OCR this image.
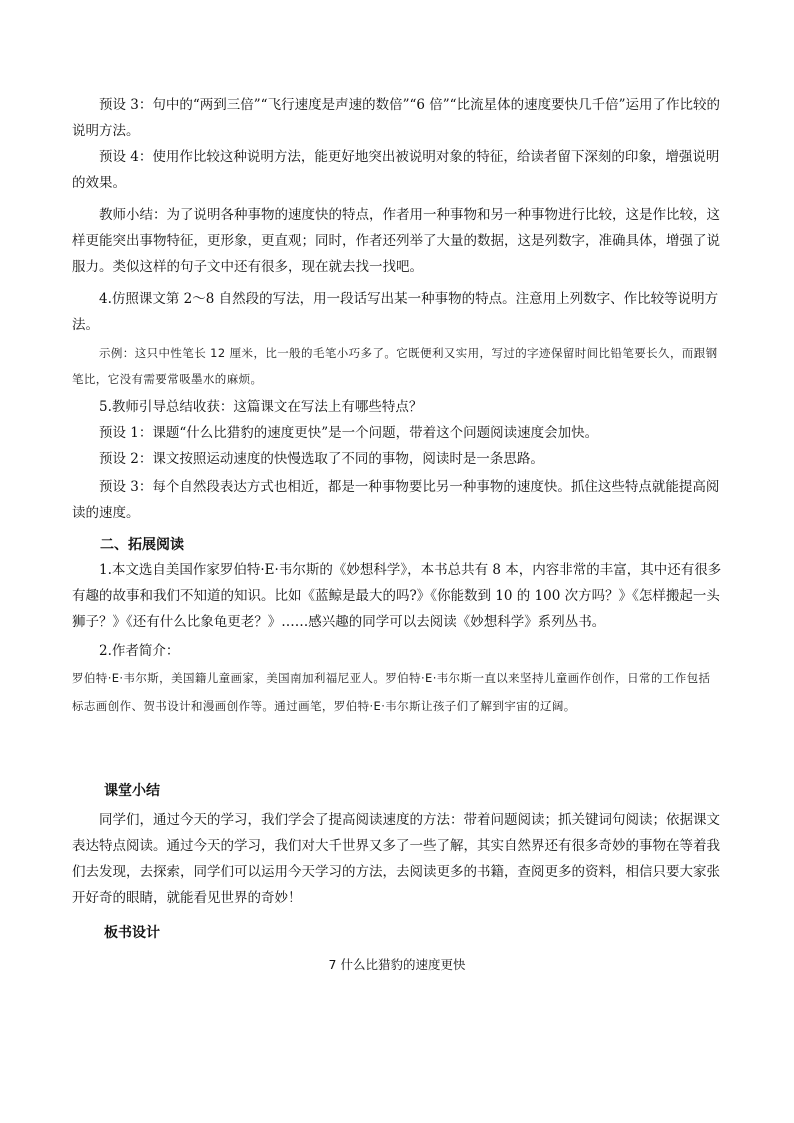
预设 3：句中的“两到三倍”“飞行速度是声速的数倍”“6 倍”“比流星体的速度要快几千倍”运用了作比较的说明方法。

预设 4：使用作比较这种说明方法，能更好地突出被说明对象的特征，给读者留下深刻的印象，增强说明的效果。

教师小结：为了说明各种事物的速度快的特点，作者用一种事物和另一种事物进行比较，这是作比较，这样更能突出事物特征，更形象，更直观；同时，作者还列举了大量的数据，这是列数字，准确具体，增强了说服力。类似这样的句子文中还有很多，现在就去找一找吧。

4.仿照课文第 2～8 自然段的写法，用一段话写出某一种事物的特点。注意用上列数字、作比较等说明方法。

示例：这只中性笔长 12 厘米，比一般的毛笔小巧多了。它既便利又实用，写过的字迹保留时间比铅笔要长久，而跟钢笔比，它没有需要常吸墨水的麻烦。

5.教师引导总结收获：这篇课文在写法上有哪些特点？

预设 1：课题“什么比猎豹的速度更快”是一个问题，带着这个问题阅读速度会加快。

预设 2：课文按照运动速度的快慢选取了不同的事物，阅读时是一条思路。

预设 3：每个自然段表达方式也相近，都是一种事物要比另一种事物的速度快。抓住这些特点就能提高阅读的速度。

二、拓展阅读

1.本文选自美国作家罗伯特·E·韦尔斯的《妙想科学》，本书总共有 8 本，内容非常的丰富，其中还有很多有趣的故事和我们不知道的知识。比如《蓝鲸是最大的吗?》《你能数到 10 的 100 次方吗？》《怎样搬起一头狮子？》《还有什么比象龟更老？》……感兴趣的同学可以去阅读《妙想科学》系列丛书。

2.作者简介：

罗伯特·E·韦尔斯，美国籍儿童画家，美国南加利福尼亚人。罗伯特·E·韦尔斯一直以来坚持儿童画作创作，日常的工作包括标志画创作、贺书设计和漫画创作等。通过画笔，罗伯特·E·韦尔斯让孩子们了解到宇宙的辽阔。

课堂小结

同学们，通过今天的学习，我们学会了提高阅读速度的方法：带着问题阅读；抓关键词句阅读；依据课文表达特点阅读。通过今天的学习，我们对大千世界又多了一些了解，其实自然界还有很多奇妙的事物在等着我们去发现，去探索，同学们可以运用今天学习的方法，去阅读更多的书籍，查阅更多的资料，相信只要大家张开好奇的眼睛，就能看见世界的奇妙！

板书设计

7 什么比猎豹的速度更快
